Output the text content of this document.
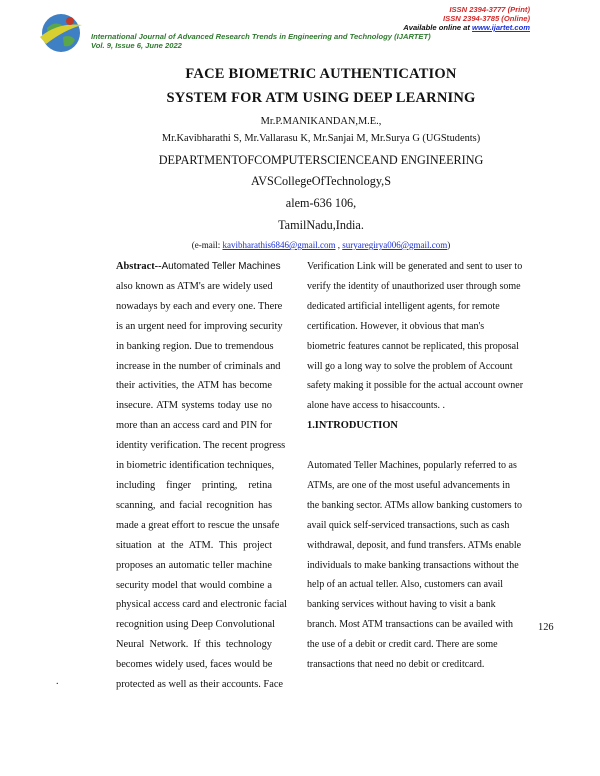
ISSN 2394-3777 (Print)
ISSN 2394-3785 (Online)
Available online at www.ijartet.com
International Journal of Advanced Research Trends in Engineering and Technology (IJARTET)
Vol. 9, Issue 6, June 2022
FACE BIOMETRIC AUTHENTICATION
SYSTEM FOR ATM USING DEEP LEARNING
Mr.P.MANIKANDAN,M.E.,
Mr.Kavibharathi S, Mr.Vallarasu K, Mr.Sanjai M, Mr.Surya G (UGStudents)
DEPARTMENTOFCOMPUTERSCIENCEAND ENGINEERING
AVSCollegeOfTechnology,S
alem-636 106,
TamilNadu,India.
(e-mail: kavibharathis6846@gmail.com , suryaregirya006@gmail.com)
Abstract--Automated Teller Machines
also known as ATM's are widely used
nowadays by each and every one. There
is an urgent need for improving security
in banking region. Due to tremendous
increase in the number of criminals and
their activities, the ATM has become
insecure. ATM systems today use no
more than an access card and PIN for
identity verification. The recent progress
in biometric identification techniques,
including finger printing, retina
scanning, and facial recognition has
made a great effort to rescue the unsafe
situation at the ATM. This project
proposes an automatic teller machine
security model that would combine a
physical access card and electronic facial
recognition using Deep Convolutional
Neural Network. If this technology
becomes widely used, faces would be
protected as well as their accounts. Face
Verification Link will be generated and sent to user to
verify the identity of unauthorized user through some
dedicated artificial intelligent agents, for remote
certification. However, it obvious that man's
biometric features cannot be replicated, this proposal
will go a long way to solve the problem of Account
safety making it possible for the actual account owner
alone have access to hisaccounts. .
1.INTRODUCTION
Automated Teller Machines, popularly referred to as
ATMs, are one of the most useful advancements in
the banking sector. ATMs allow banking customers to
avail quick self-serviced transactions, such as cash
withdrawal, deposit, and fund transfers. ATMs enable
individuals to make banking transactions without the
help of an actual teller. Also, customers can avail
banking services without having to visit a bank
branch. Most ATM transactions can be availed with
the use of a debit or credit card. There are some
transactions that need no debit or creditcard.
126
.
